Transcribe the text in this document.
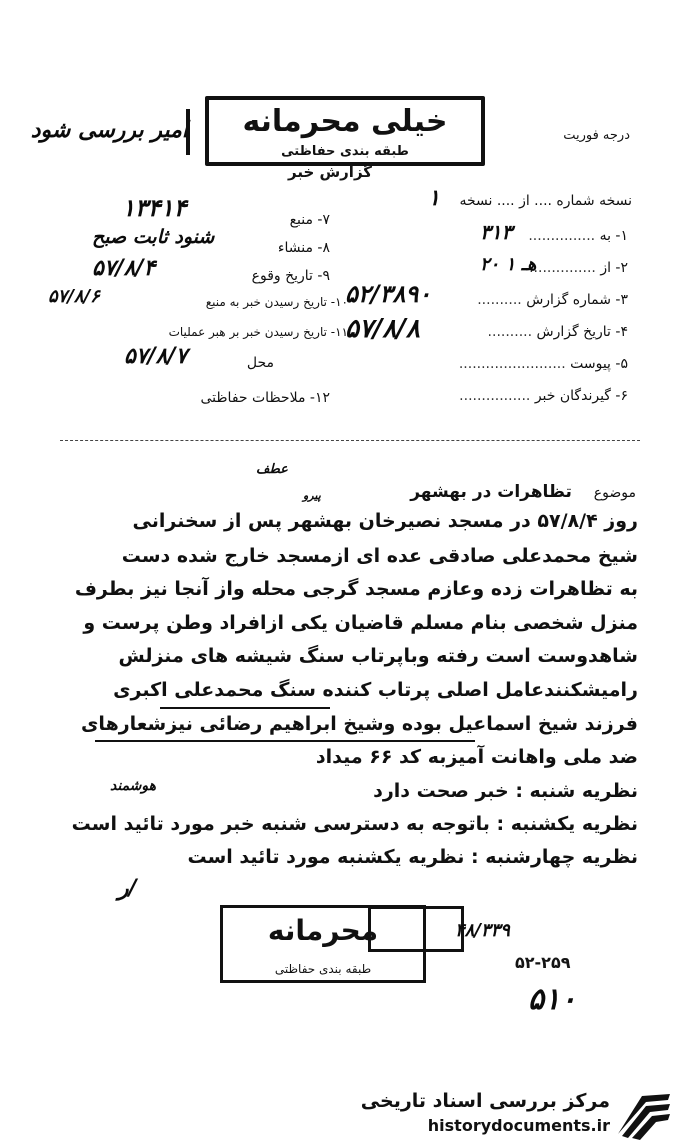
امیر بررسی شود	خیلی محرمانه
طبقه بندی حفاظتی
درجه فوریت
گزارش خبر
نسخه شماره .... از .... نسخه
۱
۱- به ...............
۳۱۳
۲- از ...............
۲۰ هـ ۱
۳- شماره گزارش ..........
۵۲/۳۸۹۰
۴- تاریخ گزارش ..........
۵۷/۸/۸
۵- پیوست ........................
۶- گیرندگان خبر ................
۷- منبع
۱۳۴۱۴
۸- منشاء
شنود ثابت صبح
۹- تاریخ وقوع
۵۷/۸/۴
۱۰- تاریخ رسیدن خبر به منبع
۵۷/۸/۶
۱۱- تاریخ رسیدن خبر بر هبر عملیات
محل
۵۷/۸/۷
۱۲- ملاحظات حفاظتی
عطف
پیرو	موضوع تظاهرات در بهشهر
روز ۵۷/۸/۴ در مسجد نصیرخان بهشهر پس از سخنرانی
شیخ محمدعلی صادقی عده ای ازمسجد خارج شده دست
به تظاهرات زده وعازم مسجد گرجی محله واز آنجا نیز بطرف
منزل شخصی بنام مسلم قاضیان یکی ازافراد وطن پرست و
شاهدوست است رفته وباپرتاب سنگ شیشه های منزلش
رامیشکنندعامل اصلی پرتاب کننده سنگ محمدعلی اکبری
فرزند شیخ اسماعیل بوده وشیخ ابراهیم رضائی نیزشعارهای
ضد ملی واهانت آمیزبه کد ۶۶ میداد
نظریه شنبه : خبر صحت دارد
نظریه یکشنبه : باتوجه به دسترسی شنبه خبر مورد تائید است
نظریه چهارشنبه : نظریه یکشنبه مورد تائید است
هوشمند
ر/
محرمانه
طبقه بندی حفاظتی
۴۸/۳۳۹
۵۲-۲۵۹
۵۱۰
مرکز بررسی اسناد تاریخی
historydocuments.ir
